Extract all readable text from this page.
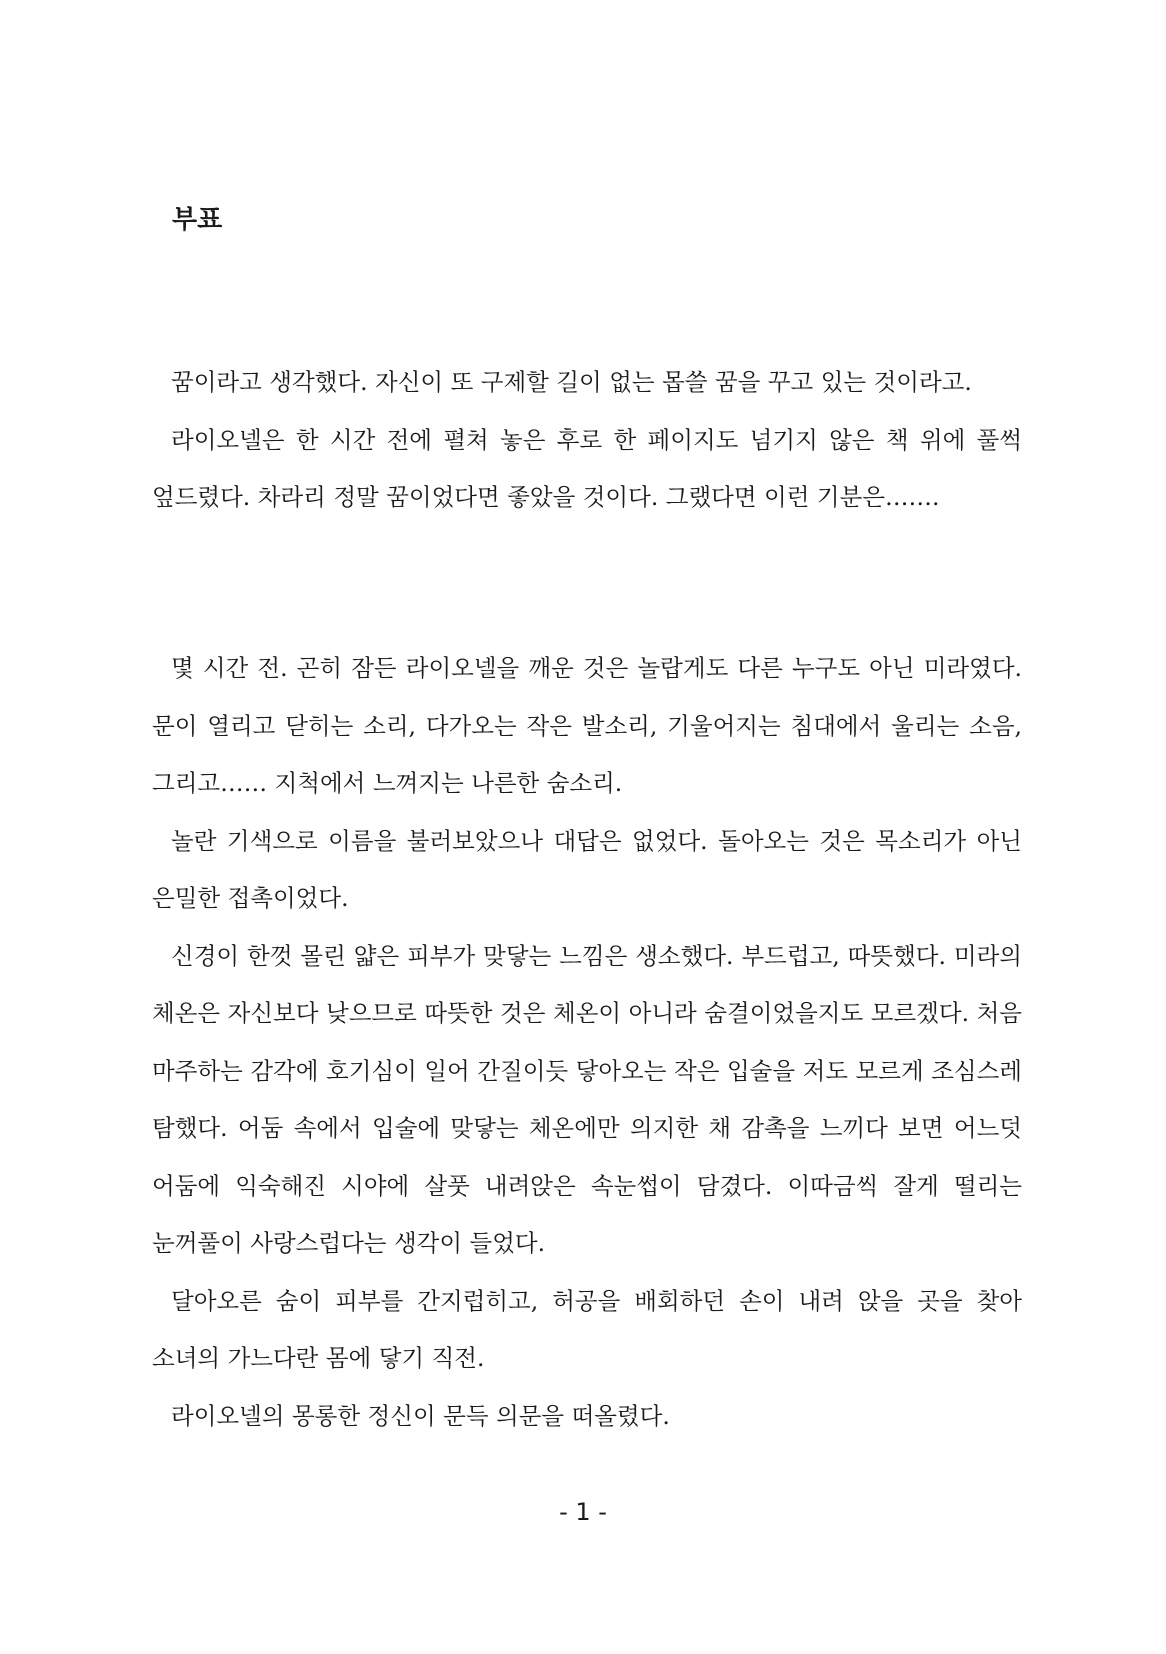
부표

꿈이라고 생각했다. 자신이 또 구제할 길이 없는 몹쓸 꿈을 꾸고 있는 것이라고.

라이오넬은 한 시간 전에 펼쳐 놓은 후로 한 페이지도 넘기지 않은 책 위에 풀썩 엎드렸다. 차라리 정말 꿈이었다면 좋았을 것이다. 그랬다면 이런 기분은…….

몇 시간 전. 곤히 잠든 라이오넬을 깨운 것은 놀랍게도 다른 누구도 아닌 미라였다. 문이 열리고 닫히는 소리, 다가오는 작은 발소리, 기울어지는 침대에서 울리는 소음, 그리고…… 지척에서 느껴지는 나른한 숨소리.

놀란 기색으로 이름을 불러보았으나 대답은 없었다. 돌아오는 것은 목소리가 아닌 은밀한 접촉이었다.

신경이 한껏 몰린 얇은 피부가 맞닿는 느낌은 생소했다. 부드럽고, 따뜻했다. 미라의 체온은 자신보다 낮으므로 따뜻한 것은 체온이 아니라 숨결이었을지도 모르겠다. 처음 마주하는 감각에 호기심이 일어 간질이듯 닿아오는 작은 입술을 저도 모르게 조심스레 탐했다. 어둠 속에서 입술에 맞닿는 체온에만 의지한 채 감촉을 느끼다 보면 어느덧 어둠에 익숙해진 시야에 살풋 내려앉은 속눈썹이 담겼다. 이따금씩 잘게 떨리는 눈꺼풀이 사랑스럽다는 생각이 들었다.

달아오른 숨이 피부를 간지럽히고, 허공을 배회하던 손이 내려 앉을 곳을 찾아 소녀의 가느다란 몸에 닿기 직전.

라이오넬의 몽롱한 정신이 문득 의문을 떠올렸다.

- 1 -
